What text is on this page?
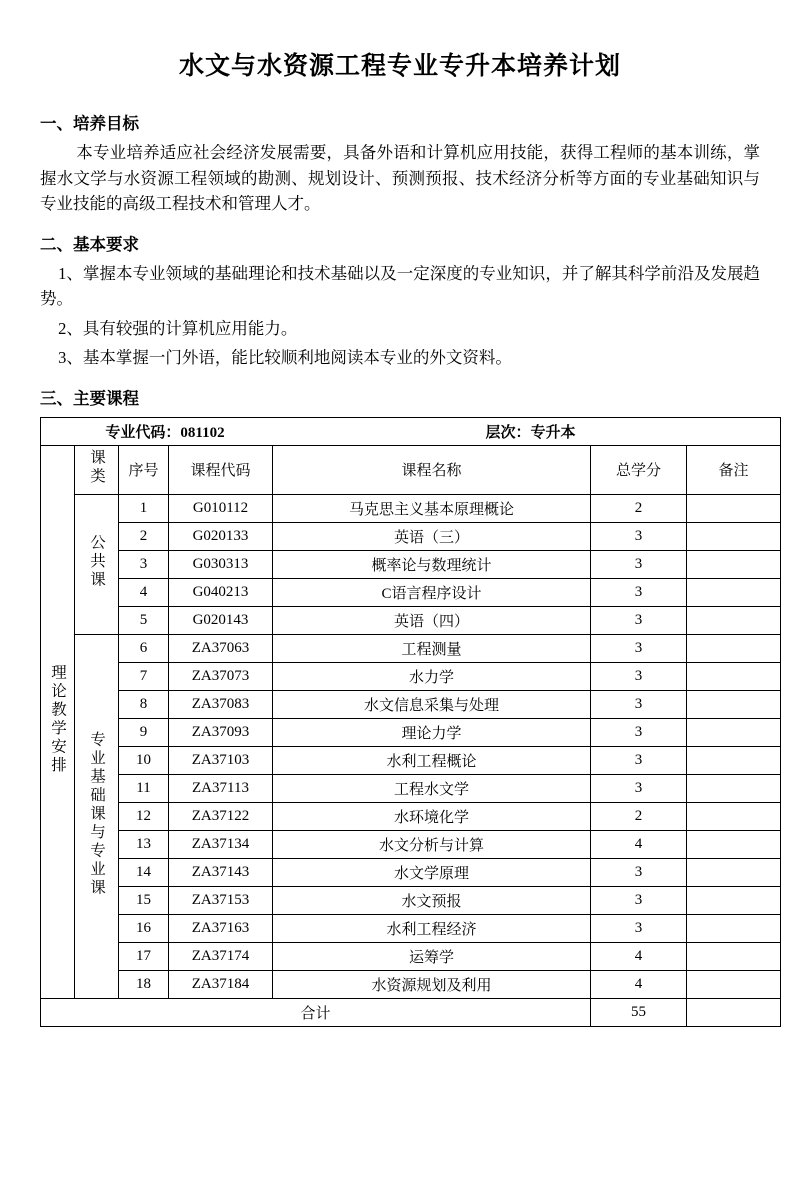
水文与水资源工程专业专升本培养计划
一、培养目标
本专业培养适应社会经济发展需要，具备外语和计算机应用技能，获得工程师的基本训练，掌握水文学与水资源工程领域的勘测、规划设计、预测预报、技术经济分析等方面的专业基础知识与专业技能的高级工程技术和管理人才。
二、基本要求
1、掌握本专业领域的基础理论和技术基础以及一定深度的专业知识，并了解其科学前沿及发展趋势。
2、具有较强的计算机应用能力。
3、基本掌握一门外语，能比较顺利地阅读本专业的外文资料。
三、主要课程
专业代码：081102 层次：专升本						

理论教学安排	课类	序号	课程代码	课程名称	总学分	备注
	公共课	1	G010112	马克思主义基本原理概论	2	
		2	G020133	英语（三）	3	
		3	G030313	概率论与数理统计	3	
		4	G040213	C语言程序设计	3	
		5	G020143	英语（四）	3	
	专业基础课与专业课	6	ZA37063	工程测量	3	
		7	ZA37073	水力学	3	
		8	ZA37083	水文信息采集与处理	3	
		9	ZA37093	理论力学	3	
		10	ZA37103	水利工程概论	3	
		11	ZA37113	工程水文学	3	
		12	ZA37122	水环境化学	2	
		13	ZA37134	水文分析与计算	4	
		14	ZA37143	水文学原理	3	
		15	ZA37153	水文预报	3	
		16	ZA37163	水利工程经济	3	
		17	ZA37174	运筹学	4	
		18	ZA37184	水资源规划及利用	4	
合计					55	
